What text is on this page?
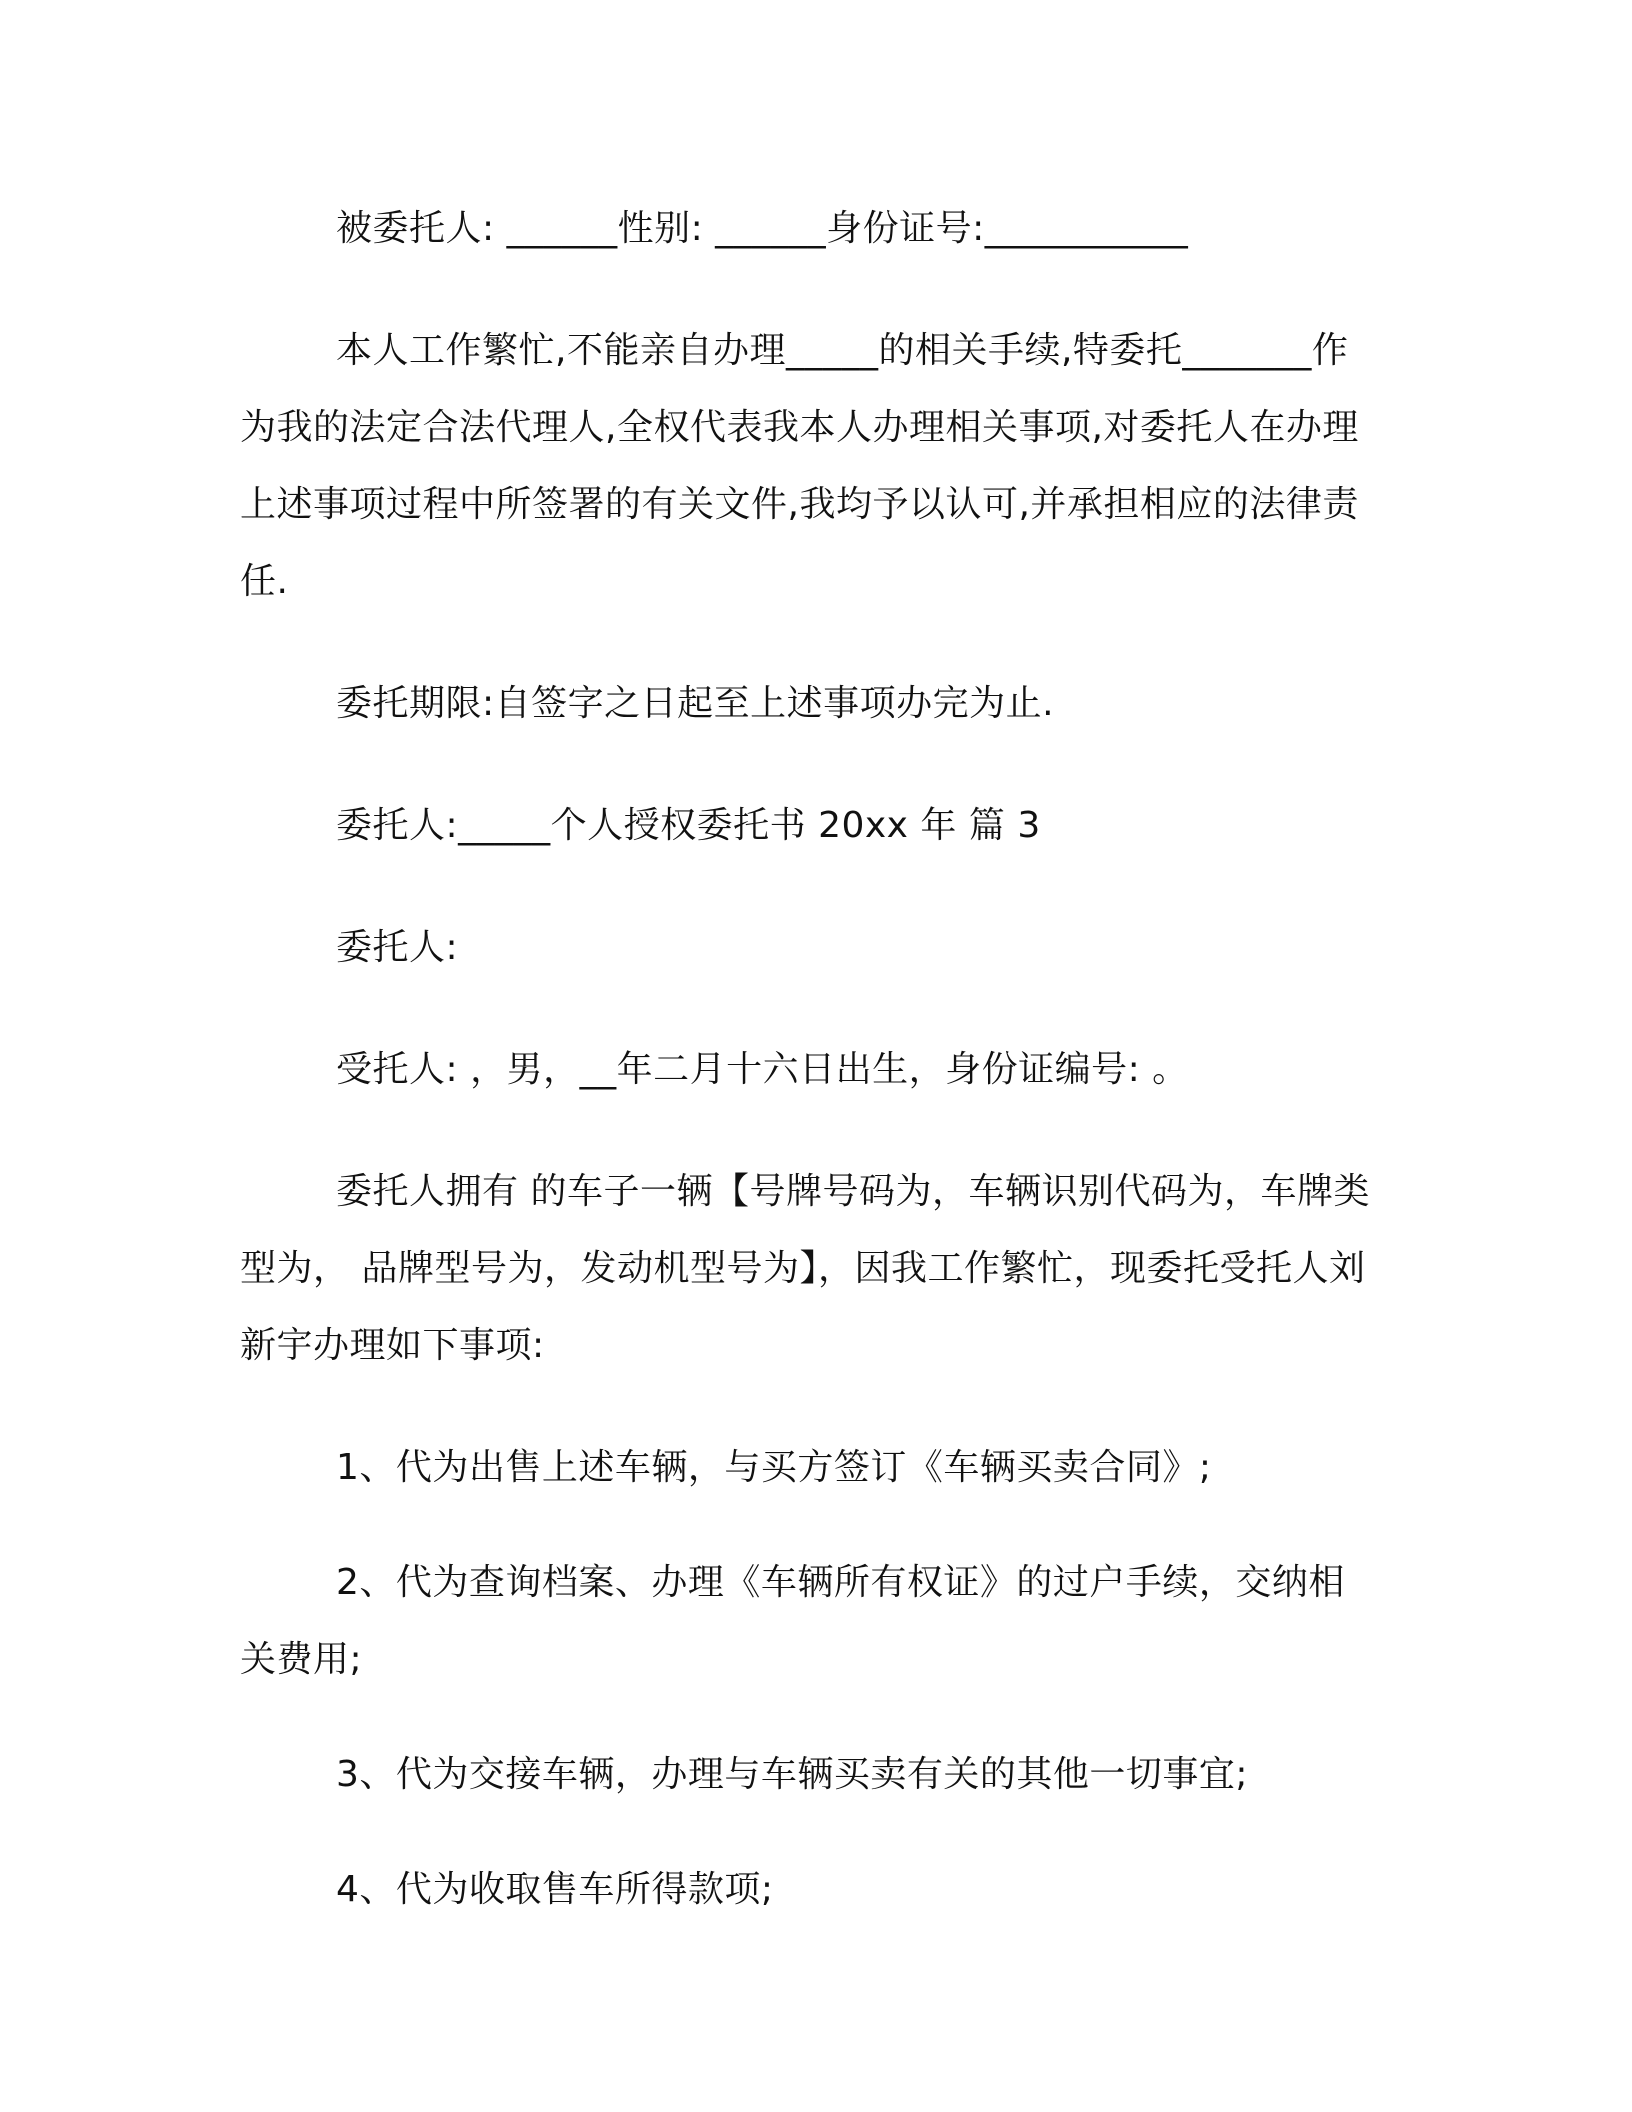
被委托人: ______性别: ______身份证号:___________

本人工作繁忙,不能亲自办理_____的相关手续,特委托_______作为我的法定合法代理人,全权代表我本人办理相关事项,对委托人在办理上述事项过程中所签署的有关文件,我均予以认可,并承担相应的法律责任.

委托期限:自签字之日起至上述事项办完为止.

委托人:_____个人授权委托书 20xx 年 篇 3

委托人:

受托人: ，男，__年二月十六日出生，身份证编号: 。

委托人拥有 的车子一辆【号牌号码为，车辆识别代码为，车牌类型为， 品牌型号为，发动机型号为】，因我工作繁忙，现委托受托人刘新宇办理如下事项:

1、代为出售上述车辆，与买方签订《车辆买卖合同》;

2、代为查询档案、办理《车辆所有权证》的过户手续，交纳相关费用;

3、代为交接车辆，办理与车辆买卖有关的其他一切事宜;

4、代为收取售车所得款项;
